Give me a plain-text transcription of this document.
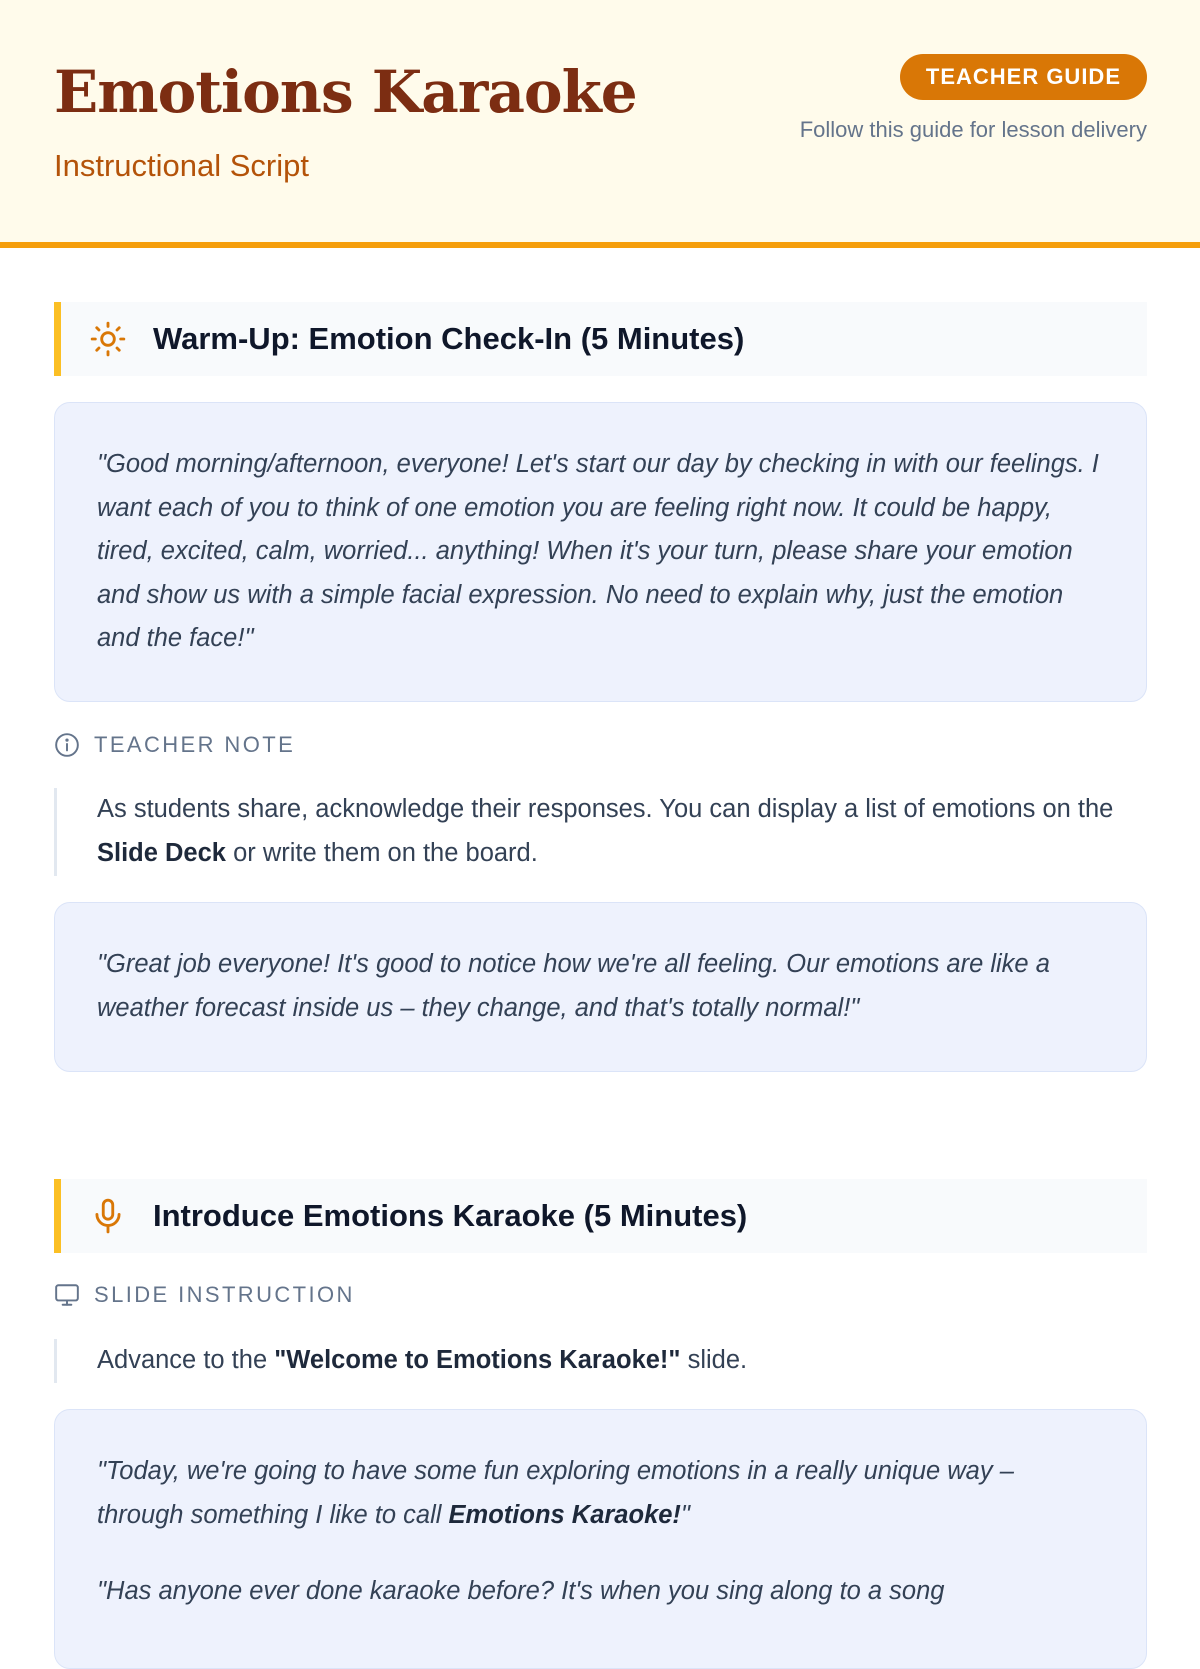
Emotions Karaoke
Instructional Script
TEACHER GUIDE
Follow this guide for lesson delivery
Warm-Up: Emotion Check-In (5 Minutes)

"Good morning/afternoon, everyone! Let's start our day by checking in with our feelings. I want each of you to think of one emotion you are feeling right now. It could be happy, tired, excited, calm, worried... anything! When it's your turn, please share your emotion and show us with a simple facial expression. No need to explain why, just the emotion and the face!"

TEACHER NOTE
As students share, acknowledge their responses. You can display a list of emotions on the Slide Deck or write them on the board.

"Great job everyone! It's good to notice how we're all feeling. Our emotions are like a weather forecast inside us – they change, and that's totally normal!"

Introduce Emotions Karaoke (5 Minutes)
SLIDE INSTRUCTION
Advance to the "Welcome to Emotions Karaoke!" slide.

"Today, we're going to have some fun exploring emotions in a really unique way – through something I like to call Emotions Karaoke!"

"Has anyone ever done karaoke before? It's when you sing along to a song
